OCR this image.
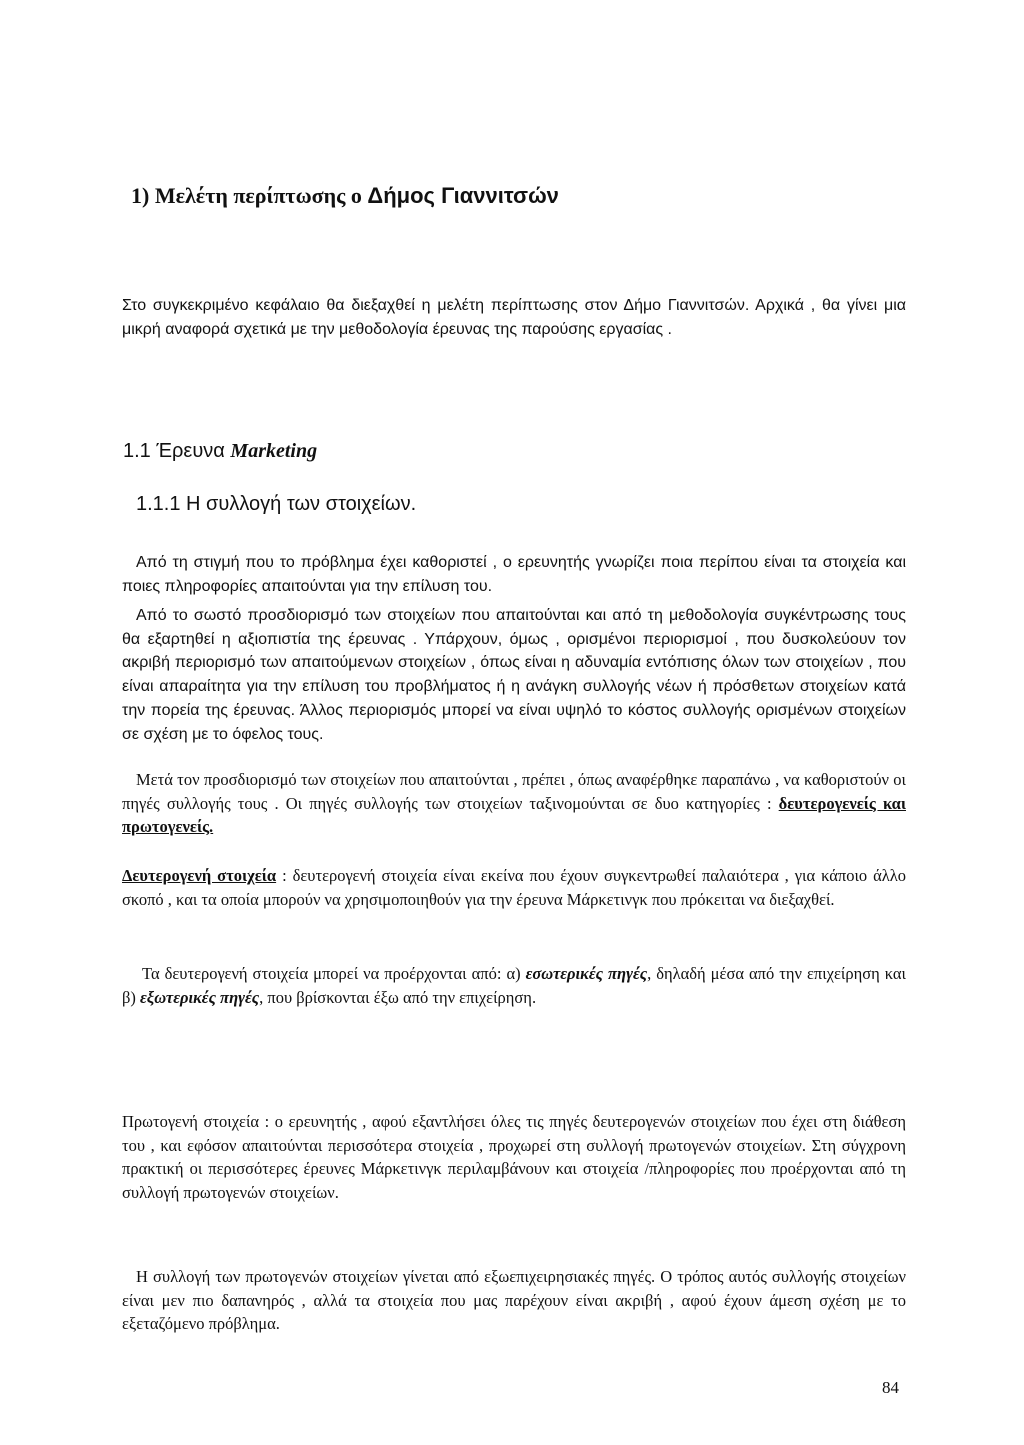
1) Μελέτη περίπτωσης ο Δήμος Γιαννιτσών
Στο συγκεκριμένο κεφάλαιο θα διεξαχθεί η μελέτη περίπτωσης στον Δήμο Γιαννιτσών. Αρχικά , θα γίνει μια μικρή αναφορά σχετικά με την μεθοδολογία έρευνας της παρούσης εργασίας .
1.1 Έρευνα Marketing
1.1.1 Η συλλογή των στοιχείων.
Από τη στιγμή που το πρόβλημα έχει καθοριστεί , ο ερευνητής γνωρίζει ποια περίπου είναι τα στοιχεία και ποιες πληροφορίες απαιτούνται για την επίλυση του.
Από το σωστό προσδιορισμό των στοιχείων που απαιτούνται και από τη μεθοδολογία συγκέντρωσης τους θα εξαρτηθεί η αξιοπιστία της έρευνας . Υπάρχουν, όμως , ορισμένοι περιορισμοί , που δυσκολεύουν τον ακριβή περιορισμό των απαιτούμενων στοιχείων , όπως είναι η αδυναμία εντόπισης όλων των στοιχείων , που είναι απαραίτητα για την επίλυση του προβλήματος ή η ανάγκη συλλογής νέων ή πρόσθετων στοιχείων κατά την πορεία της έρευνας. Άλλος περιορισμός μπορεί να είναι υψηλό το κόστος συλλογής ορισμένων στοιχείων σε σχέση με το όφελος τους.
Μετά τον προσδιορισμό των στοιχείων που απαιτούνται , πρέπει , όπως αναφέρθηκε παραπάνω , να καθοριστούν οι πηγές συλλογής τους . Οι πηγές συλλογής των στοιχείων ταξινομούνται σε δυο κατηγορίες : δευτερογενείς και πρωτογενείς.
Δευτερογενή στοιχεία : δευτερογενή στοιχεία είναι εκείνα που έχουν συγκεντρωθεί παλαιότερα , για κάποιο άλλο σκοπό , και τα οποία μπορούν να χρησιμοποιηθούν για την έρευνα Μάρκετινγκ που πρόκειται να διεξαχθεί.
Τα δευτερογενή στοιχεία μπορεί να προέρχονται από: α) εσωτερικές πηγές, δηλαδή μέσα από την επιχείρηση και β) εξωτερικές πηγές, που βρίσκονται έξω από την επιχείρηση.
Πρωτογενή στοιχεία : ο ερευνητής , αφού εξαντλήσει όλες τις πηγές δευτερογενών στοιχείων που έχει στη διάθεση του , και εφόσον απαιτούνται περισσότερα στοιχεία , προχωρεί στη συλλογή πρωτογενών στοιχείων. Στη σύγχρονη πρακτική οι περισσότερες έρευνες Μάρκετινγκ περιλαμβάνουν και στοιχεία /πληροφορίες που προέρχονται από τη συλλογή πρωτογενών στοιχείων.
Η συλλογή των πρωτογενών στοιχείων γίνεται από εξωεπιχειρησιακές πηγές. Ο τρόπος αυτός συλλογής στοιχείων είναι μεν πιο δαπανηρός , αλλά τα στοιχεία που μας παρέχουν είναι ακριβή , αφού έχουν άμεση σχέση με το εξεταζόμενο πρόβλημα.
84
